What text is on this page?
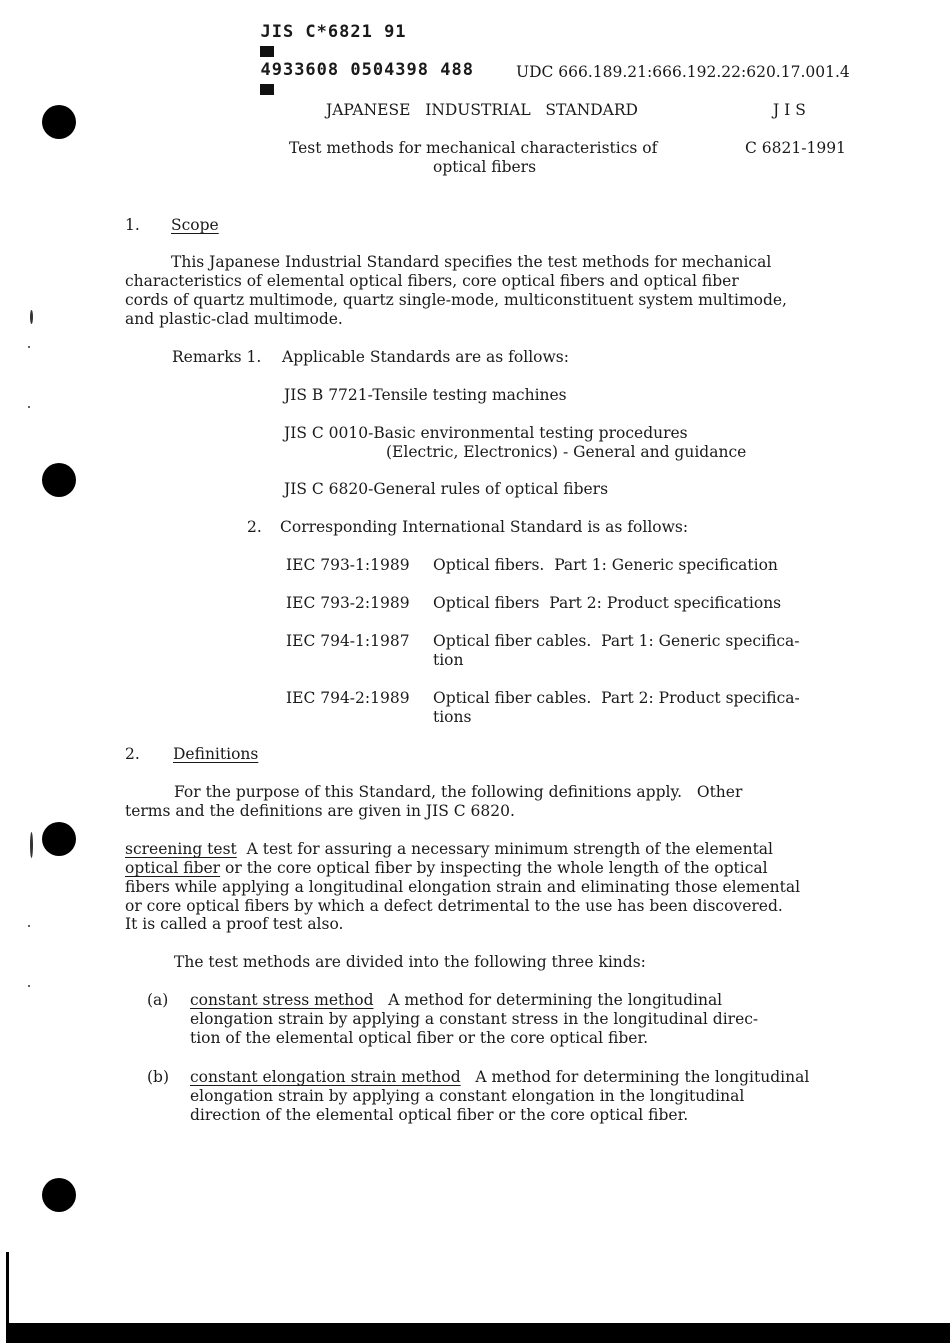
JIS C*6821 91

4933608 0504398 488
	UDC 666.189.21:666.192.22:620.17.001.4
JAPANESE   INDUSTRIAL   STANDARD	J I S
Test methods for mechanical characteristics of
optical fibers
C 6821-1991
1. Scope
This Japanese Industrial Standard specifies the test methods for mechanical
characteristics of elemental optical fibers, core optical fibers and optical fiber
cords of quartz multimode, quartz single-mode, multiconstituent system multimode,
and plastic-clad multimode.
Remarks 1. Applicable Standards are as follows:
JIS B 7721-Tensile testing machines
JIS C 0010-Basic environmental testing procedures
(Electric, Electronics) - General and guidance
JIS C 6820-General rules of optical fibers
2. Corresponding International Standard is as follows:
IEC 793-1:1989 Optical fibers.  Part 1: Generic specification
IEC 793-2:1989 Optical fibers  Part 2: Product specifications
IEC 794-1:1987 Optical fiber cables.  Part 1: Generic specifica-
tion
IEC 794-2:1989 Optical fiber cables.  Part 2: Product specifica-
tions
2. Definitions
For the purpose of this Standard, the following definitions apply.   Other
terms and the definitions are given in JIS C 6820.
screening test  A test for assuring a necessary minimum strength of the elemental
optical fiber or the core optical fiber by inspecting the whole length of the optical
fibers while applying a longitudinal elongation strain and eliminating those elemental
or core optical fibers by which a defect detrimental to the use has been discovered.
It is called a proof test also.
The test methods are divided into the following three kinds:
(a) constant stress method   A method for determining the longitudinal
elongation strain by applying a constant stress in the longitudinal direc-
tion of the elemental optical fiber or the core optical fiber.
(b) constant elongation strain method   A method for determining the longitudinal
elongation strain by applying a constant elongation in the longitudinal
direction of the elemental optical fiber or the core optical fiber.
